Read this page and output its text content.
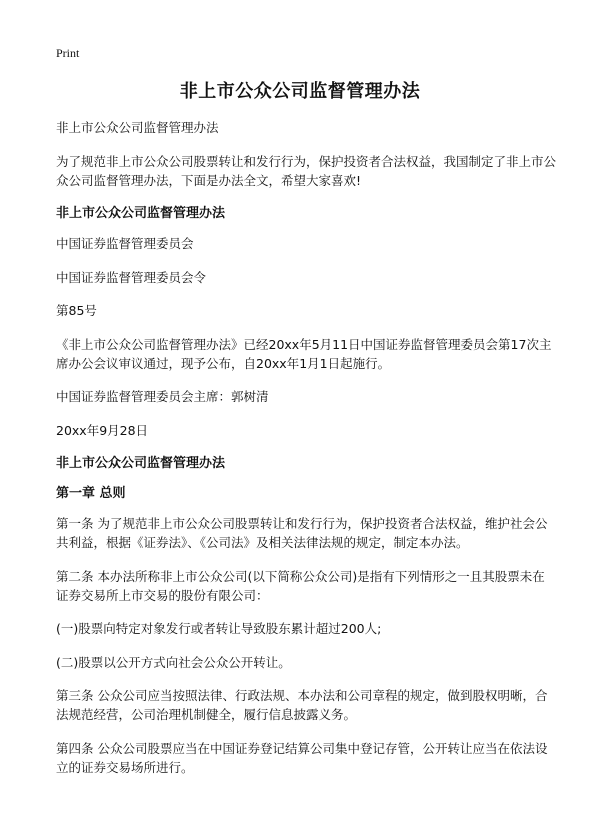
Print
非上市公众公司监督管理办法

非上市公众公司监督管理办法

为了规范非上市公众公司股票转让和发行行为，保护投资者合法权益，我国制定了非上市公众公司监督管理办法，下面是办法全文，希望大家喜欢!

非上市公众公司监督管理办法

中国证券监督管理委员会

中国证券监督管理委员会令

第85号

《非上市公众公司监督管理办法》已经20xx年5月11日中国证券监督管理委员会第17次主席办公会议审议通过，现予公布，自20xx年1月1日起施行。

中国证券监督管理委员会主席：郭树清

20xx年9月28日

非上市公众公司监督管理办法

第一章 总则

第一条 为了规范非上市公众公司股票转让和发行行为，保护投资者合法权益，维护社会公共利益，根据《证券法》、《公司法》及相关法律法规的规定，制定本办法。

第二条 本办法所称非上市公众公司(以下简称公众公司)是指有下列情形之一且其股票未在证券交易所上市交易的股份有限公司：

(一)股票向特定对象发行或者转让导致股东累计超过200人;

(二)股票以公开方式向社会公众公开转让。

第三条 公众公司应当按照法律、行政法规、本办法和公司章程的规定，做到股权明晰，合法规范经营，公司治理机制健全，履行信息披露义务。

第四条 公众公司股票应当在中国证券登记结算公司集中登记存管，公开转让应当在依法设立的证券交易场所进行。
